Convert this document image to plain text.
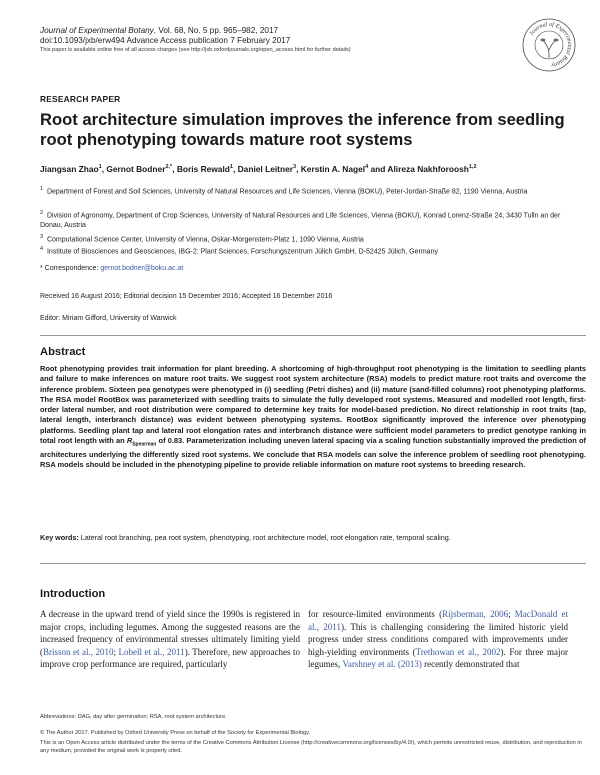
Journal of Experimental Botany, Vol. 68, No. 5 pp. 965–982, 2017
doi:10.1093/jxb/erw494 Advance Access publication 7 February 2017
This paper is available online free of all access charges (see http://jxb.oxfordjournals.org/open_access.html for further details)
Journal of Experimental Botany
RESEARCH PAPER
Root architecture simulation improves the inference from seedling root phenotyping towards mature root systems
Jiangsan Zhao$^1$, Gernot Bodner$^{2,*}$, Boris Rewald$^1$, Daniel Leitner$^3$, Kerstin A. Nagel$^4$ and Alireza Nakhforoosh$^{1,2}$
$^1$ Department of Forest and Soil Sciences, University of Natural Resources and Life Sciences, Vienna (BOKU), Peter-Jordan-Straße 82, 1190 Vienna, Austria
$^2$ Division of Agronomy, Department of Crop Sciences, University of Natural Resources and Life Sciences, Vienna (BOKU), Konrad Lorenz-Straße 24, 3430 Tulln an der Donau, Austria
$^3$ Computational Science Center, University of Vienna, Oskar-Morgenstern-Platz 1, 1090 Vienna, Austria
$^4$ Institute of Biosciences and Geosciences, IBG-2: Plant Sciences, Forschungszentrum Jülich GmbH, D-52425 Jülich, Germany
* Correspondence: gernot.bodner@boku.ac.at
Received 16 August 2016; Editorial decision 15 December 2016; Accepted 16 December 2016
Editor: Miriam Gifford, University of Warwick
Abstract
Root phenotyping provides trait information for plant breeding. A shortcoming of high-throughput root phenotyping is the limitation to seedling plants and failure to make inferences on mature root traits. We suggest root system architecture (RSA) models to predict mature root traits and overcome the inference problem. Sixteen pea genotypes were phenotyped in (i) seedling (Petri dishes) and (ii) mature (sand-filled columns) root phenotyping platforms. The RSA model RootBox was parameterized with seedling traits to simulate the fully developed root systems. Measured and modelled root length, first-order lateral number, and root distribution were compared to determine key traits for model-based prediction. No direct relationship in root traits (tap, lateral length, interbranch distance) was evident between phenotyping systems. RootBox significantly improved the inference over phenotyping platforms. Seedling plant tap and lateral root elongation rates and interbranch distance were sufficient model parameters to predict genotype ranking in total root length with an $R_{Spearman}$ of 0.83. Parameterization including uneven lateral spacing via a scaling function substantially improved the prediction of architectures underlying the differently sized root systems. We conclude that RSA models can solve the inference problem of seedling root phenotyping. RSA models should be included in the phenotyping pipeline to provide reliable information on mature root systems to breeding research.
Key words: Lateral root branching, pea root system, phenotyping, root architecture model, root elongation rate, temporal scaling.
Introduction
A decrease in the upward trend of yield since the 1990s is registered in major crops, including legumes. Among the suggested reasons are the increased frequency of environmental stresses ultimately limiting yield (Brisson et al., 2010; Lobell et al., 2011). Therefore, new approaches to improve crop performance are required, particularly
for resource-limited environments (Rijsberman, 2006; MacDonald et al., 2011). This is challenging considering the limited historic yield progress under stress conditions compared with improvements under high-yielding environments (Trethowan et al., 2002). For three major legumes, Varshney et al. (2013) recently demonstrated that
Abbreviations: DAG, day after germination; RSA, root system architecture.
© The Author 2017. Published by Oxford University Press on behalf of the Society for Experimental Biology.
This is an Open Access article distributed under the terms of the Creative Commons Attribution License (http://creativecommons.org/licenses/by/4.0/), which permits unrestricted reuse, distribution, and reproduction in any medium, provided the original work is properly cited.
